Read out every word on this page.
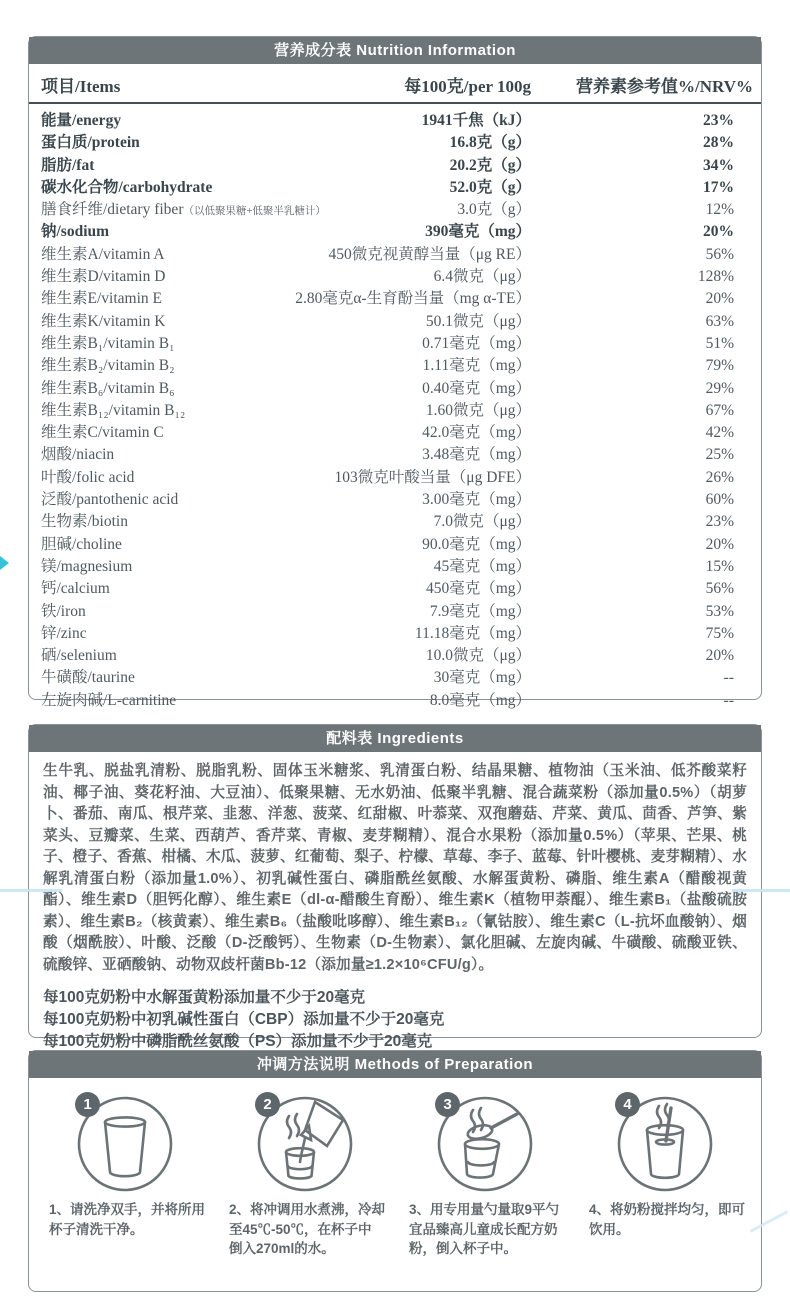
营养成分表 Nutrition Information
项目/Items	每100克/per 100g	营养素参考值%/NRV%
能量/energy	1941千焦（kJ）	23%
蛋白质/protein	16.8克（g）	28%
脂肪/fat	20.2克（g）	34%
碳水化合物/carbohydrate	52.0克（g）	17%
膳食纤维/dietary fiber（以低聚果糖+低聚半乳糖计）	3.0克（g）	12%
钠/sodium	390毫克（mg）	20%
维生素A/vitamin A	450微克视黄醇当量（μg RE）	56%
维生素D/vitamin D	6.4微克（μg）	128%
维生素E/vitamin E	2.80毫克α-生育酚当量（mg α-TE）	20%
维生素K/vitamin K	50.1微克（μg）	63%
维生素B₁/vitamin B₁	0.71毫克（mg）	51%
维生素B₂/vitamin B₂	1.11毫克（mg）	79%
维生素B₆/vitamin B₆	0.40毫克（mg）	29%
维生素B₁₂/vitamin B₁₂	1.60微克（μg）	67%
维生素C/vitamin C	42.0毫克（mg）	42%
烟酸/niacin	3.48毫克（mg）	25%
叶酸/folic acid	103微克叶酸当量（μg DFE）	26%
泛酸/pantothenic acid	3.00毫克（mg）	60%
生物素/biotin	7.0微克（μg）	23%
胆碱/choline	90.0毫克（mg）	20%
镁/magnesium	45毫克（mg）	15%
钙/calcium	450毫克（mg）	56%
铁/iron	7.9毫克（mg）	53%
锌/zinc	11.18毫克（mg）	75%
硒/selenium	10.0微克（μg）	20%
牛磺酸/taurine	30毫克（mg）	--
左旋肉碱/L-carnitine	8.0毫克（mg）	--
配料表 Ingredients
生牛乳、脱盐乳清粉、脱脂乳粉、固体玉米糖浆、乳清蛋白粉、结晶果糖、植物油（玉米油、低芥酸菜籽油、椰子油、葵花籽油、大豆油）、低聚果糖、无水奶油、低聚半乳糖、混合蔬菜粉（添加量0.5%）（胡萝卜、番茄、南瓜、根芹菜、韭葱、洋葱、菠菜、红甜椒、叶菾菜、双孢蘑菇、芹菜、黄瓜、茴香、芦笋、紫菜头、豆瓣菜、生菜、西葫芦、香芹菜、青椒、麦芽糊精）、混合水果粉（添加量0.5%）（苹果、芒果、桃子、橙子、香蕉、柑橘、木瓜、菠萝、红葡萄、梨子、柠檬、草莓、李子、蓝莓、针叶樱桃、麦芽糊精）、水解乳清蛋白粉（添加量1.0%）、初乳碱性蛋白、磷脂酰丝氨酸、水解蛋黄粉、磷脂、维生素A（醋酸视黄酯）、维生素D（胆钙化醇）、维生素E（dl-α-醋酸生育酚）、维生素K（植物甲萘醌）、维生素B₁（盐酸硫胺素）、维生素B₂（核黄素）、维生素B₆（盐酸吡哆醇）、维生素B₁₂（氰钴胺）、维生素C（L-抗坏血酸钠）、烟酸（烟酰胺）、叶酸、泛酸（D-泛酸钙）、生物素（D-生物素）、氯化胆碱、左旋肉碱、牛磺酸、硫酸亚铁、硫酸锌、亚硒酸钠、动物双歧杆菌Bb-12（添加量≥1.2×10⁶CFU/g）。
每100克奶粉中水解蛋黄粉添加量不少于20毫克
每100克奶粉中初乳碱性蛋白（CBP）添加量不少于20毫克
每100克奶粉中磷脂酰丝氨酸（PS）添加量不少于20毫克
冲调方法说明 Methods of Preparation
1
1、请洗净双手，并将所用杯子清洗干净。
2
2、将冲调用水煮沸，冷却至45℃-50℃，在杯子中倒入270ml的水。
3
3、用专用量勺量取9平勺宜品臻高儿童成长配方奶粉，倒入杯子中。
4
4、将奶粉搅拌均匀，即可饮用。
